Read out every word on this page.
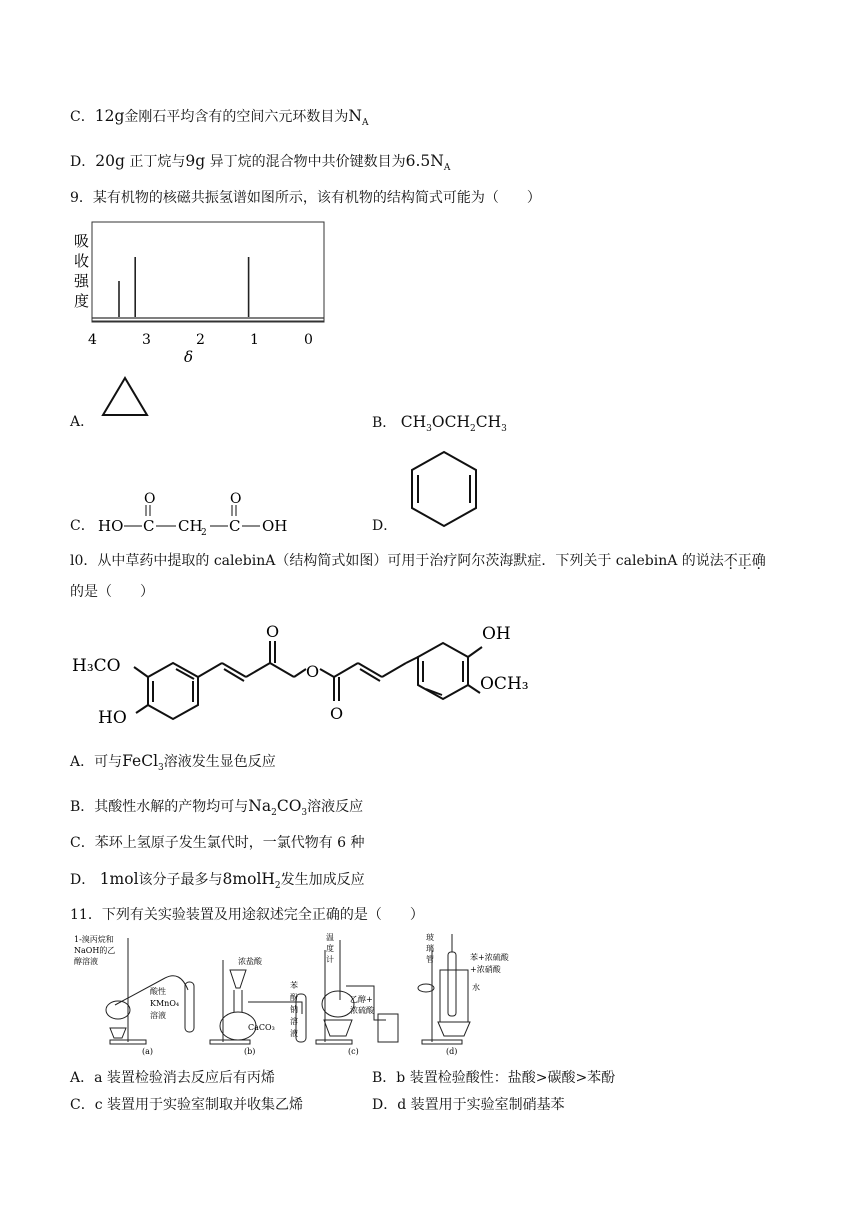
C．12g金刚石平均含有的空间六元环数目为$N_A$
D．20g 正丁烷与9g 异丁烷的混合物中共价键数目为$6.5N_A$
9．某有机物的核磁共振氢谱如图所示，该有机物的结构简式可能为（　　）
吸
收
强
度
4	3	2	1	0
δ
A．	B． $CH_3OCH_2CH_3$
C．
O	O
HO C CH
2 C OH	D．
l0．从中草药中提取的 calebinA（结构简式如图）可用于治疗阿尔茨海默症．下列关于 calebinA 的说法不正确
的是（　　）
H₃CO
HO
O
O
O
OH
OCH₃
A．可与FeCl$_3$溶液发生显色反应
B．其酸性水解的产物均可与$Na_2CO_3$溶液反应
C．苯环上氢原子发生氯代时，一氯代物有 6 种
D． 1mol该分子最多与8molH$_2$发生加成反应
11．下列有关实验装置及用途叙述完全正确的是（　　）
1-溴丙烷和
NaOH的乙
醇溶液
酸性
KMnO₄
溶液
(a)
浓盐酸
CaCO₃
苯
酚
钠
溶
液
(b)
温
度
计
乙醇+
浓硫酸
(c)
玻
璃
管	苯+浓硫酸
+浓硝酸
水
(d)
A．a 装置检验消去反应后有丙烯	B．b 装置检验酸性：盐酸>碳酸>苯酚
C．c 装置用于实验室制取并收集乙烯	D．d 装置用于实验室制硝基苯
